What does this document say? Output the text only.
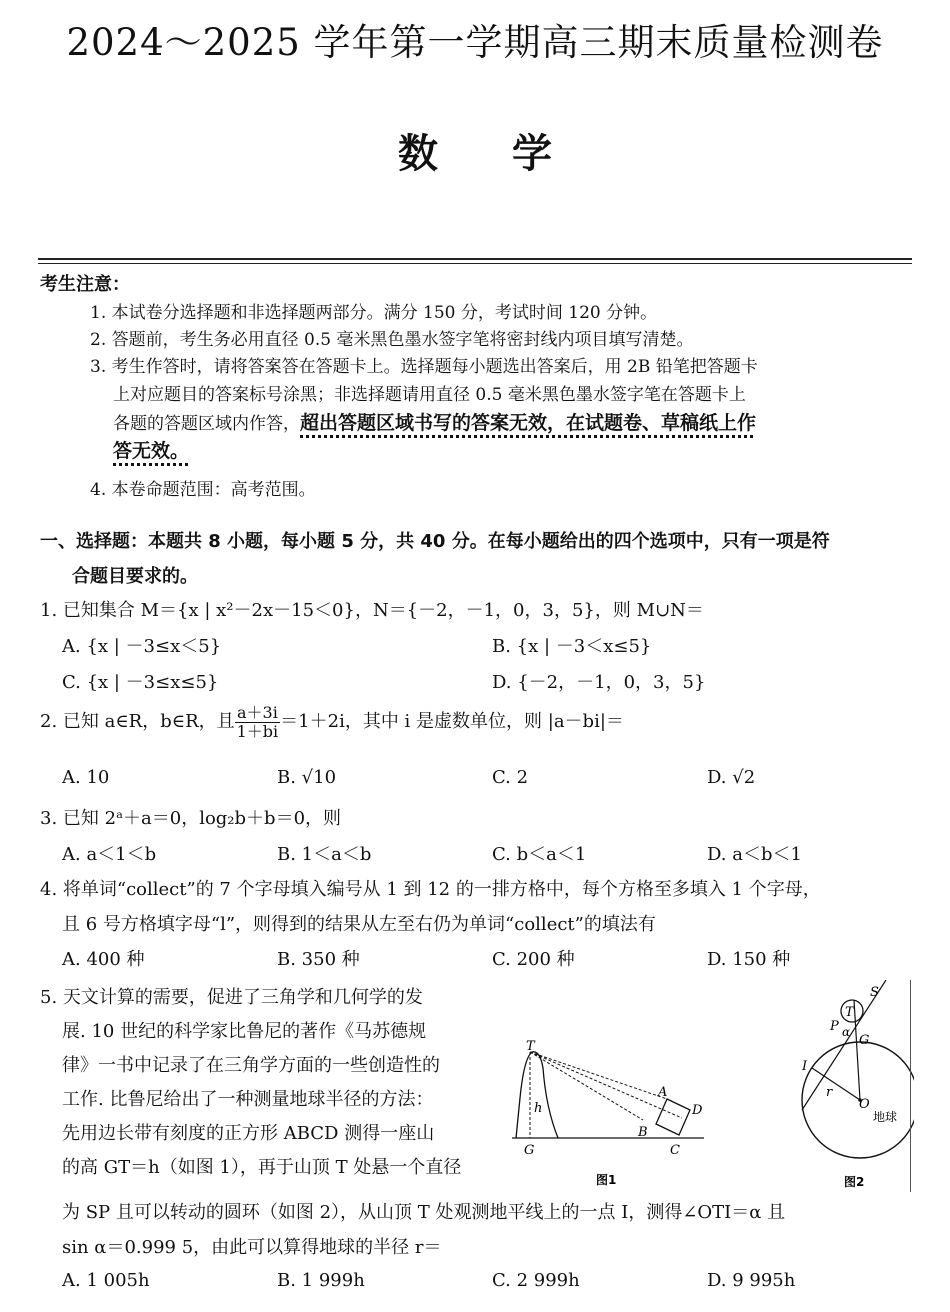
2024～2025 学年第一学期高三期末质量检测卷
数 学
考生注意：
1. 本试卷分选择题和非选择题两部分。满分 150 分，考试时间 120 分钟。
2. 答题前，考生务必用直径 0.5 毫米黑色墨水签字笔将密封线内项目填写清楚。
3. 考生作答时，请将答案答在答题卡上。选择题每小题选出答案后，用 2B 铅笔把答题卡
上对应题目的答案标号涂黑；非选择题请用直径 0.5 毫米黑色墨水签字笔在答题卡上
各题的答题区域内作答，超出答题区域书写的答案无效，在试题卷、草稿纸上作
答无效。
4. 本卷命题范围：高考范围。
一、选择题：本题共 8 小题，每小题 5 分，共 40 分。在每小题给出的四个选项中，只有一项是符
合题目要求的。
1. 已知集合 M＝{x | x²－2x－15＜0}，N＝{－2，－1，0，3，5}，则 M∪N＝
A. {x | －3≤x＜5}	B. {x | －3＜x≤5}
C. {x | －3≤x≤5}	D. {－2，－1，0，3，5}
2. 已知 a∈R，b∈R，且 $\frac{a+3i}{1+bi} =1+2i$，其中 i 是虚数单位，则 |a－bi|＝
A. 10	B. √10	C. 2	D. √2
3. 已知 2ᵃ＋a＝0，log₂b＋b＝0，则
A. a＜1＜b	B. 1＜a＜b	C. b＜a＜1	D. a＜b＜1
4. 将单词“collect”的 7 个字母填入编号从 1 到 12 的一排方格中，每个方格至多填入 1 个字母，
且 6 号方格填字母“l”，则得到的结果从左至右仍为单词“collect”的填法有
A. 400 种	B. 350 种	C. 200 种	D. 150 种
5. 天文计算的需要，促进了三角学和几何学的发
展. 10 世纪的科学家比鲁尼的著作《马苏德规
律》一书中记录了在三角学方面的一些创造性的
工作. 比鲁尼给出了一种测量地球半径的方法：
先用边长带有刻度的正方形 ABCD 测得一座山
的高 GT＝h（如图 1），再于山顶 T 处悬一个直径
为 SP 且可以转动的圆环（如图 2），从山顶 T 处观测地平线上的一点 I，测得∠OTI＝α 且
sin α＝0.999 5，由此可以算得地球的半径 r＝
A. 1 005h	B. 1 999h	C. 2 999h	D. 9 995h
T
h
G
A
B
C
D
图1
T
S
P α
G
I
r
O
地球
图2
